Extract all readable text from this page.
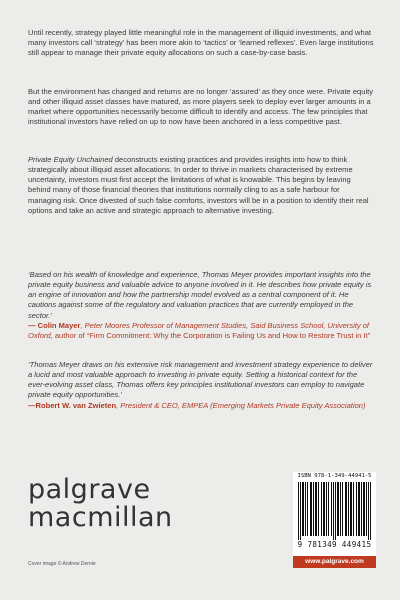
Until recently, strategy played little meaningful role in the management of illiquid investments, and what many investors call ‘strategy’ has been more akin to ‘tactics’ or ‘learned reflexes’. Even large institutions still appear to manage their private equity allocations on such a case-by-case basis.

But the environment has changed and returns are no longer ‘assured’ as they once were. Private equity and other illiquid asset classes have matured, as more players seek to deploy ever larger amounts in a market where opportunities necessarily become difficult to identify and access. The few principles that institutional investors have relied on up to now have been anchored in a less competitive past.

Private Equity Unchained deconstructs existing practices and provides insights into how to think strategically about illiquid asset allocations. In order to thrive in markets characterised by extreme uncertainty, investors must first accept the limitations of what is knowable. This begins by leaving behind many of those financial theories that institutions normally cling to as a safe harbour for managing risk. Once divested of such false comforts, investors will be in a position to identify their real options and take an active and strategic approach to alternative investing.

‘Based on his wealth of knowledge and experience, Thomas Meyer provides important insights into the private equity business and valuable advice to anyone involved in it. He describes how private equity is an engine of innovation and how the partnership model evolved as a central component of it. He cautions against some of the regulatory and valuation practices that are currently employed in the sector.’
— Colin Mayer, Peter Moores Professor of Management Studies, Said Business School, University of Oxford, author of “Firm Commitment: Why the Corporation is Failing Us and How to Restore Trust in It”

‘Thomas Meyer draws on his extensive risk management and investment strategy experience to deliver a lucid and most valuable approach to investing in private equity. Setting a historical context for the ever-evolving asset class, Thomas offers key principles institutional investors can employ to navigate private equity opportunities.’
—Robert W. van Zwieten, President & CEO, EMPEA (Emerging Markets Private Equity Association)

palgrave
macmillan
Cover image © Andrew Dernie
ISBN 978-1-349-44941-5
9 781349 449415
www.palgrave.com
